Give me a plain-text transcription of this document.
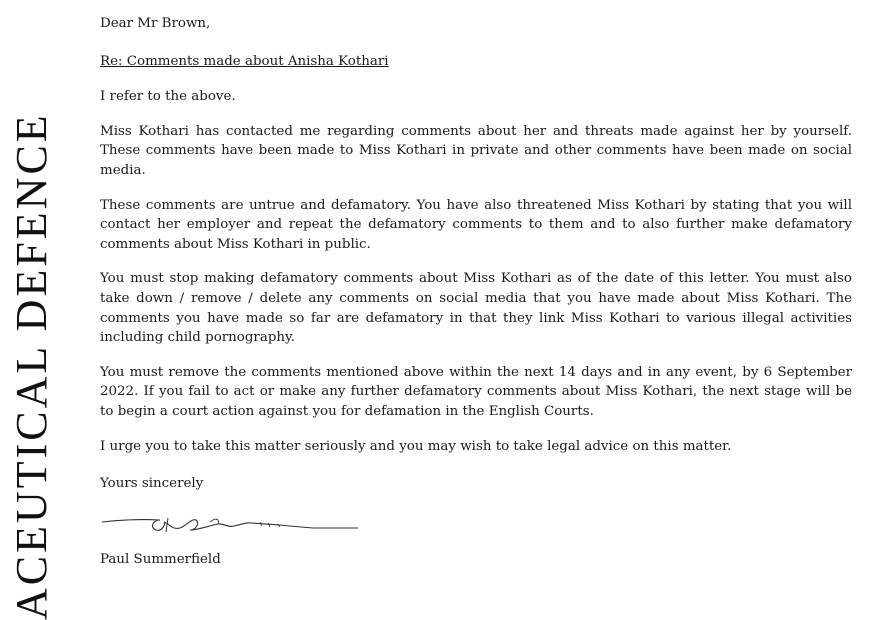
ACEUTICAL DEFENCE

Dear Mr Brown,

Re: Comments made about Anisha Kothari

I refer to the above.

Miss Kothari has contacted me regarding comments about her and threats made against her by yourself. These comments have been made to Miss Kothari in private and other comments have been made on social media.

These comments are untrue and defamatory. You have also threatened Miss Kothari by stating that you will contact her employer and repeat the defamatory comments to them and to also further make defamatory comments about Miss Kothari in public.

You must stop making defamatory comments about Miss Kothari as of the date of this letter. You must also take down / remove / delete any comments on social media that you have made about Miss Kothari. The comments you have made so far are defamatory in that they link Miss Kothari to various illegal activities including child pornography.

You must remove the comments mentioned above within the next 14 days and in any event, by 6 September 2022. If you fail to act or make any further defamatory comments about Miss Kothari, the next stage will be to begin a court action against you for defamation in the English Courts.

I urge you to take this matter seriously and you may wish to take legal advice on this matter.

Yours sincerely

Paul Summerfield
